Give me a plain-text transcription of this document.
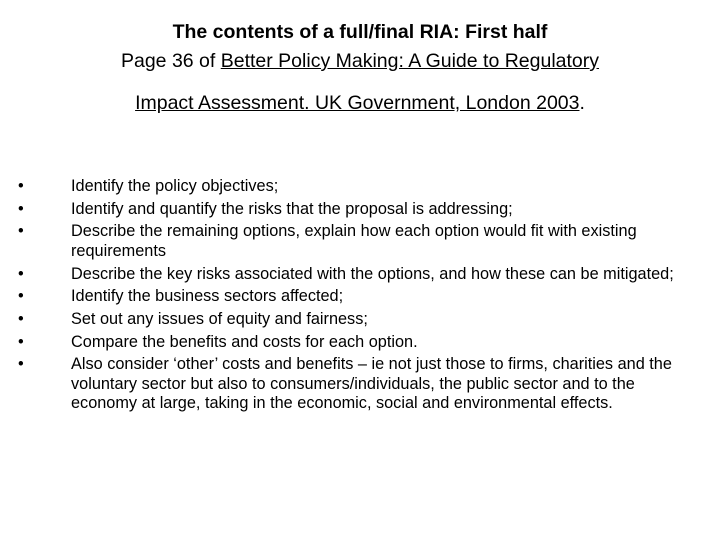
The contents of a full/final RIA: First half
Page 36 of Better Policy Making: A Guide to Regulatory
Impact Assessment. UK Government, London 2003.
•	Identify the policy objectives;
•	Identify and quantify the risks that the proposal is addressing;
•	Describe the remaining options, explain how each option would fit with existing requirements
•	Describe the key risks associated with the options, and how these can be mitigated;
•	Identify the business sectors affected;
•	Set out any issues of equity and fairness;
•	Compare the benefits and costs for each option.
•	Also consider ‘other’ costs and benefits – ie not just those to firms, charities and the voluntary sector but also to consumers/individuals, the public sector and to the economy at large, taking in the economic, social and environmental effects.
